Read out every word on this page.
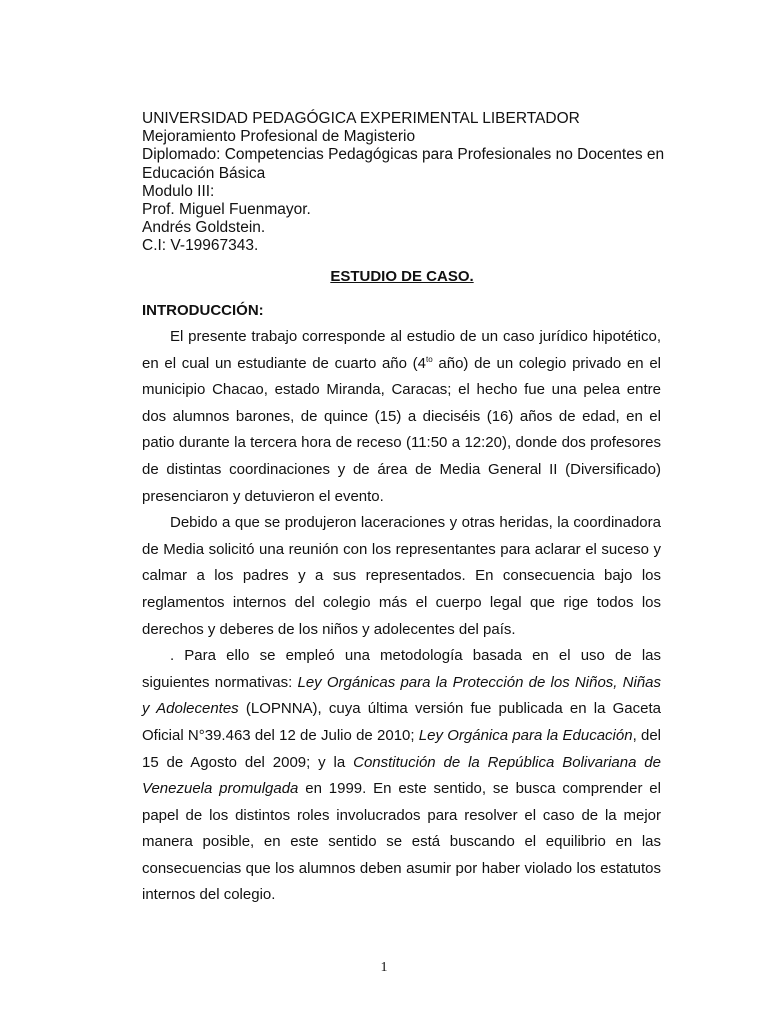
UNIVERSIDAD PEDAGÓGICA EXPERIMENTAL LIBERTADOR
Mejoramiento Profesional de Magisterio
Diplomado: Competencias Pedagógicas para Profesionales no Docentes en
Educación Básica
Modulo III:
Prof. Miguel Fuenmayor.
Andrés Goldstein.
C.I: V-19967343.
ESTUDIO DE CASO.
INTRODUCCIÓN:

El presente trabajo corresponde al estudio de un caso jurídico hipotético, en el cual un estudiante de cuarto año ($4^{to}$ año) de un colegio privado en el municipio Chacao, estado Miranda, Caracas; el hecho fue una pelea entre dos alumnos barones, de quince (15) a dieciséis (16) años de edad, en el patio durante la tercera hora de receso (11:50 a 12:20), donde dos profesores de distintas coordinaciones y de área de Media General II (Diversificado) presenciaron y detuvieron el evento.

Debido a que se produjeron laceraciones y otras heridas, la coordinadora de Media solicitó una reunión con los representantes para aclarar el suceso y calmar a los padres y a sus representados. En consecuencia bajo los reglamentos internos del colegio más el cuerpo legal que rige todos los derechos y deberes de los niños y adolecentes del país.

. Para ello se empleó una metodología basada en el uso de las siguientes normativas: Ley Orgánicas para la Protección de los Niños, Niñas y Adolecentes (LOPNNA), cuya última versión fue publicada en la Gaceta Oficial N°39.463 del 12 de Julio de 2010; Ley Orgánica para la Educación, del 15 de Agosto del 2009; y la Constitución de la República Bolivariana de Venezuela promulgada en 1999. En este sentido, se busca comprender el papel de los distintos roles involucrados para resolver el caso de la mejor manera posible, en este sentido se está buscando el equilibrio en las consecuencias que los alumnos deben asumir por haber violado los estatutos internos del colegio.

1
